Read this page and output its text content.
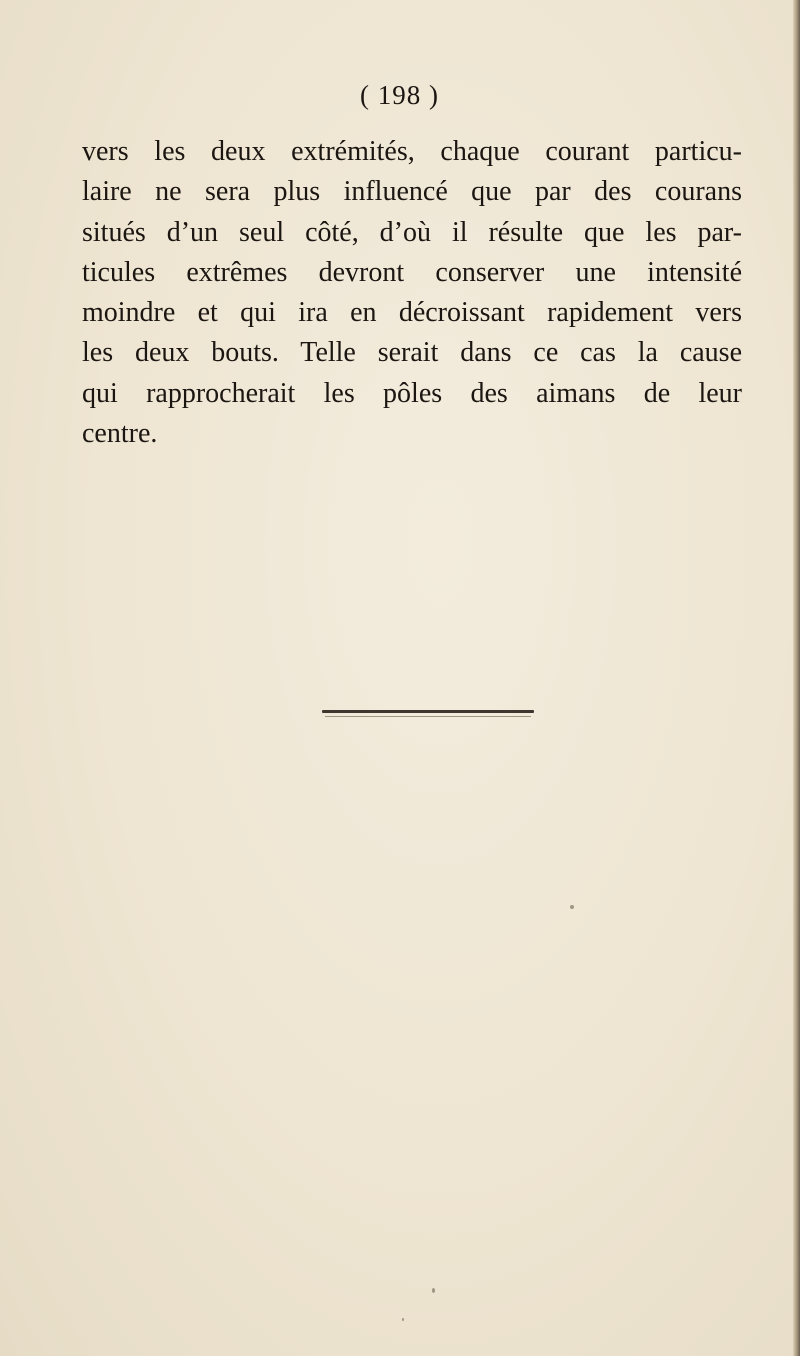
( 198 )
vers les deux extrémités, chaque courant particu-
laire ne sera plus influencé que par des courans
situés d’un seul côté, d’où il résulte que les par-
ticules extrêmes devront conserver une intensité
moindre et qui ira en décroissant rapidement vers
les deux bouts. Telle serait dans ce cas la cause
qui rapprocherait les pôles des aimans de leur
centre.
